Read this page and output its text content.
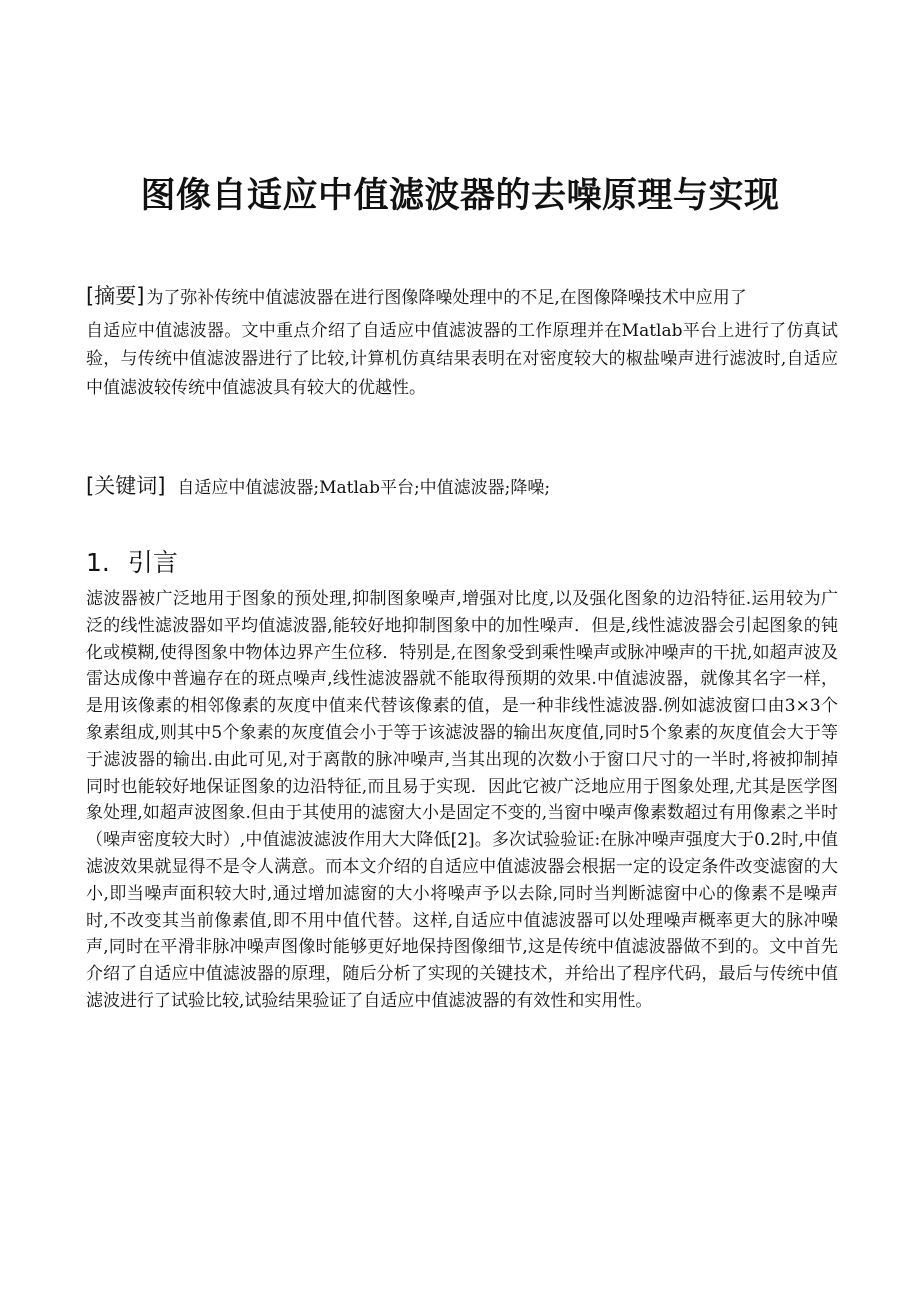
图像自适应中值滤波器的去噪原理与实现

[摘要] 为了弥补传统中值滤波器在进行图像降噪处理中的不足,在图像降噪技术中应用了
自适应中值滤波器。文中重点介绍了自适应中值滤波器的工作原理并在Matlab平台上进行了仿真试验，与传统中值滤波器进行了比较,计算机仿真结果表明在对密度较大的椒盐噪声进行滤波时,自适应中值滤波较传统中值滤波具有较大的优越性。

[关键词] 自适应中值滤波器;Matlab平台;中值滤波器;降噪;

1. 引言

滤波器被广泛地用于图象的预处理,抑制图象噪声,增强对比度,以及强化图象的边沿特征.运用较为广泛的线性滤波器如平均值滤波器,能较好地抑制图象中的加性噪声．但是,线性滤波器会引起图象的钝化或模糊,使得图象中物体边界产生位移．特别是,在图象受到乘性噪声或脉冲噪声的干扰,如超声波及雷达成像中普遍存在的斑点噪声,线性滤波器就不能取得预期的效果.中值滤波器，就像其名字一样，是用该像素的相邻像素的灰度中值来代替该像素的值，是一种非线性滤波器.例如滤波窗口由3×3个象素组成,则其中5个象素的灰度值会小于等于该滤波器的输出灰度值,同时5个象素的灰度值会大于等于滤波器的输出.由此可见,对于离散的脉冲噪声,当其出现的次数小于窗口尺寸的一半时,将被抑制掉同时也能较好地保证图象的边沿特征,而且易于实现．因此它被广泛地应用于图象处理,尤其是医学图象处理,如超声波图象.但由于其使用的滤窗大小是固定不变的,当窗中噪声像素数超过有用像素之半时（噪声密度较大时）,中值滤波滤波作用大大降低[2]。多次试验验证:在脉冲噪声强度大于0.2时,中值滤波效果就显得不是令人满意。而本文介绍的自适应中值滤波器会根据一定的设定条件改变滤窗的大小,即当噪声面积较大时,通过增加滤窗的大小将噪声予以去除,同时当判断滤窗中心的像素不是噪声时,不改变其当前像素值,即不用中值代替。这样,自适应中值滤波器可以处理噪声概率更大的脉冲噪声,同时在平滑非脉冲噪声图像时能够更好地保持图像细节,这是传统中值滤波器做不到的。文中首先介绍了自适应中值滤波器的原理，随后分析了实现的关键技术，并给出了程序代码，最后与传统中值滤波进行了试验比较,试验结果验证了自适应中值滤波器的有效性和实用性。
